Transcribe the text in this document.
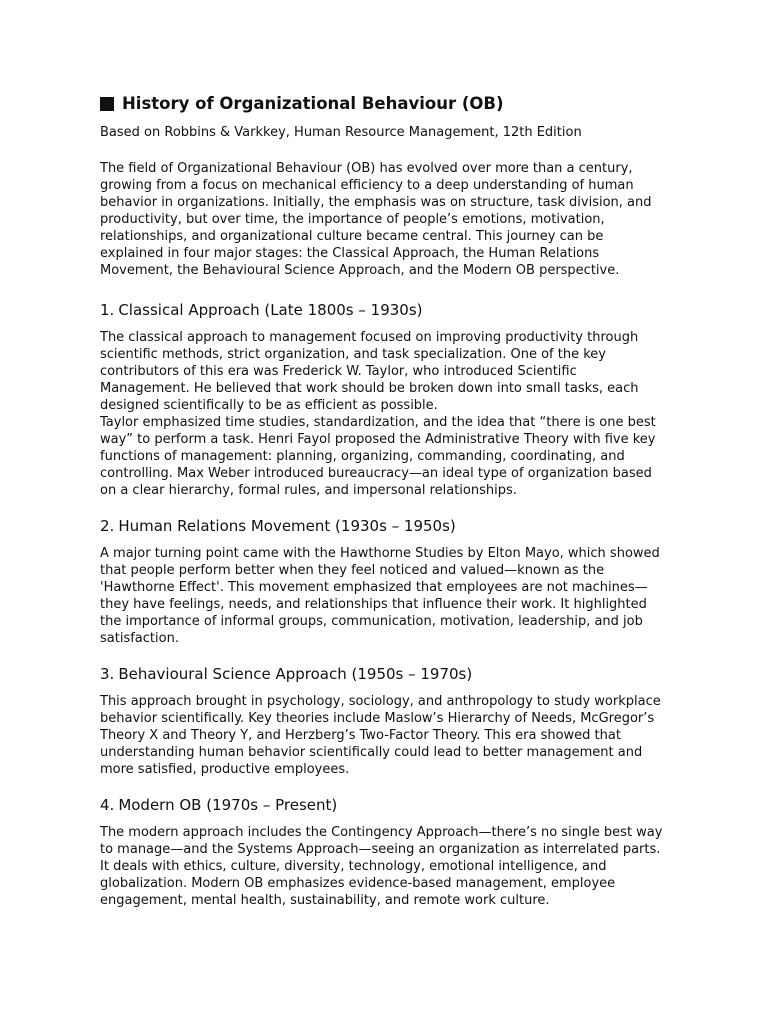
History of Organizational Behaviour (OB)

Based on Robbins & Varkkey, Human Resource Management, 12th Edition

The field of Organizational Behaviour (OB) has evolved over more than a century, growing from a focus on mechanical efficiency to a deep understanding of human behavior in organizations. Initially, the emphasis was on structure, task division, and productivity, but over time, the importance of people’s emotions, motivation, relationships, and organizational culture became central. This journey can be explained in four major stages: the Classical Approach, the Human Relations Movement, the Behavioural Science Approach, and the Modern OB perspective.

1. Classical Approach (Late 1800s – 1930s)

The classical approach to management focused on improving productivity through scientific methods, strict organization, and task specialization. One of the key contributors of this era was Frederick W. Taylor, who introduced Scientific Management. He believed that work should be broken down into small tasks, each designed scientifically to be as efficient as possible.

Taylor emphasized time studies, standardization, and the idea that “there is one best way” to perform a task. Henri Fayol proposed the Administrative Theory with five key functions of management: planning, organizing, commanding, coordinating, and controlling. Max Weber introduced bureaucracy—an ideal type of organization based on a clear hierarchy, formal rules, and impersonal relationships.

2. Human Relations Movement (1930s – 1950s)

A major turning point came with the Hawthorne Studies by Elton Mayo, which showed that people perform better when they feel noticed and valued—known as the 'Hawthorne Effect'. This movement emphasized that employees are not machines—they have feelings, needs, and relationships that influence their work. It highlighted the importance of informal groups, communication, motivation, leadership, and job satisfaction.

3. Behavioural Science Approach (1950s – 1970s)

This approach brought in psychology, sociology, and anthropology to study workplace behavior scientifically. Key theories include Maslow’s Hierarchy of Needs, McGregor’s Theory X and Theory Y, and Herzberg’s Two-Factor Theory. This era showed that understanding human behavior scientifically could lead to better management and more satisfied, productive employees.

4. Modern OB (1970s – Present)

The modern approach includes the Contingency Approach—there’s no single best way to manage—and the Systems Approach—seeing an organization as interrelated parts. It deals with ethics, culture, diversity, technology, emotional intelligence, and globalization. Modern OB emphasizes evidence-based management, employee engagement, mental health, sustainability, and remote work culture.
